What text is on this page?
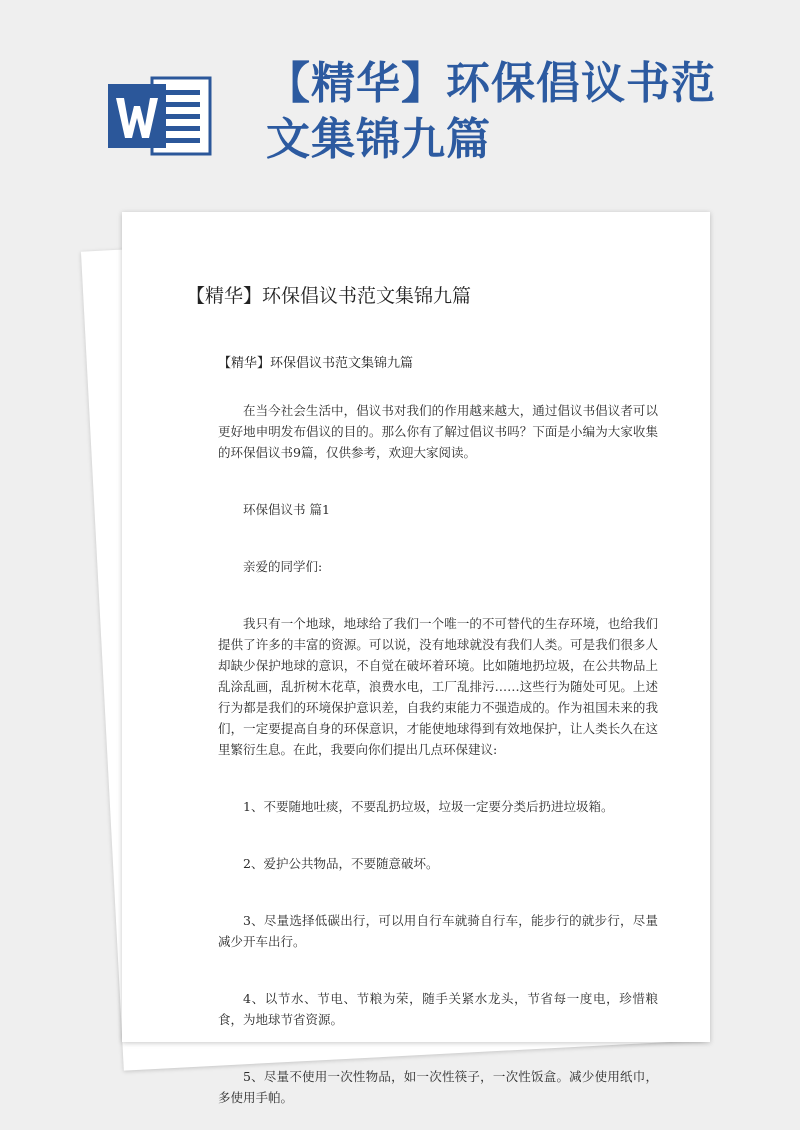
【精华】环保倡议书范文集锦九篇
【精华】环保倡议书范文集锦九篇
【精华】环保倡议书范文集锦九篇

在当今社会生活中，倡议书对我们的作用越来越大，通过倡议书倡议者可以更好地申明发布倡议的目的。那么你有了解过倡议书吗？下面是小编为大家收集的环保倡议书9篇，仅供参考，欢迎大家阅读。

环保倡议书 篇1

亲爱的同学们:

我只有一个地球，地球给了我们一个唯一的不可替代的生存环境，也给我们提供了许多的丰富的资源。可以说，没有地球就没有我们人类。可是我们很多人却缺少保护地球的意识，不自觉在破坏着环境。比如随地扔垃圾，在公共物品上乱涂乱画，乱折树木花草，浪费水电，工厂乱排污……这些行为随处可见。上述行为都是我们的环境保护意识差，自我约束能力不强造成的。作为祖国未来的我们，一定要提高自身的环保意识，才能使地球得到有效地保护，让人类长久在这里繁衍生息。在此，我要向你们提出几点环保建议:

1、不要随地吐痰，不要乱扔垃圾，垃圾一定要分类后扔进垃圾箱。

2、爱护公共物品，不要随意破坏。

3、尽量选择低碳出行，可以用自行车就骑自行车，能步行的就步行，尽量减少开车出行。

4、以节水、节电、节粮为荣，随手关紧水龙头，节省每一度电，珍惜粮食，为地球节省资源。

5、尽量不使用一次性物品，如一次性筷子，一次性饭盒。减少使用纸巾，多使用手帕。
